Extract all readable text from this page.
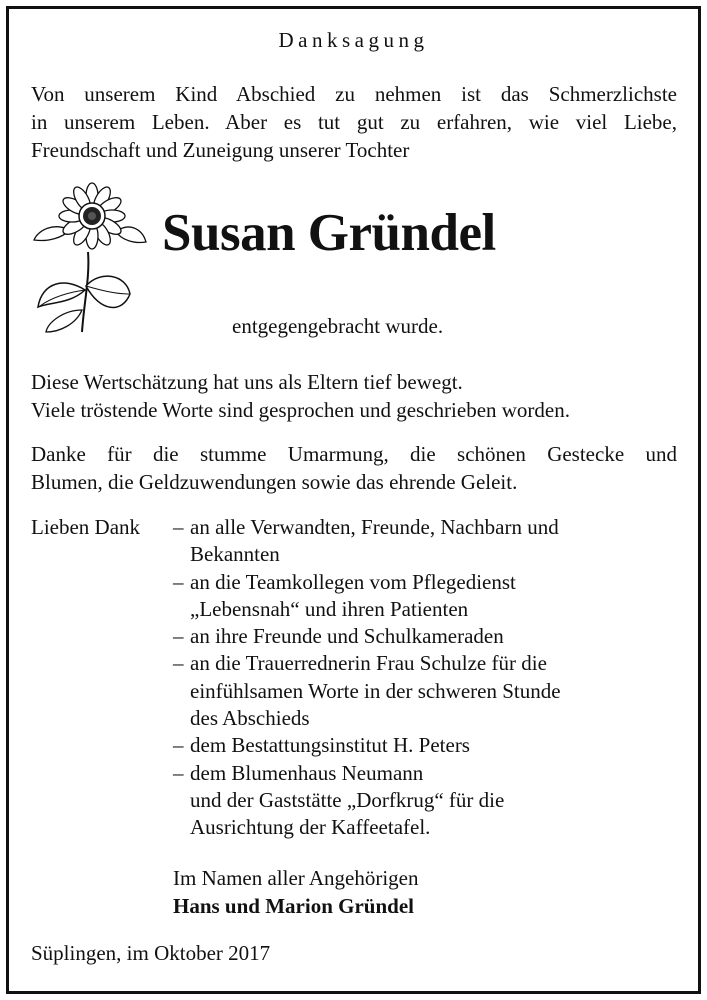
Danksagung
Von unserem Kind Abschied zu nehmen ist das Schmerzlichste
in unserem Leben. Aber es tut gut zu erfahren, wie viel Liebe,
Freundschaft und Zuneigung unserer Tochter
Susan Gründel
entgegengebracht wurde.
Diese Wertschätzung hat uns als Eltern tief bewegt.
Viele tröstende Worte sind gesprochen und geschrieben worden.
Danke für die stumme Umarmung, die schönen Gestecke und
Blumen, die Geldzuwendungen sowie das ehrende Geleit.
Lieben Dank – an alle Verwandten, Freunde, Nachbarn und
Bekannten
– an die Teamkollegen vom Pflegedienst
„Lebensnah“ und ihren Patienten
– an ihre Freunde und Schulkameraden
– an die Trauerrednerin Frau Schulze für die
einfühlsamen Worte in der schweren Stunde
des Abschieds
– dem Bestattungsinstitut H. Peters
– dem Blumenhaus Neumann
und der Gaststätte „Dorfkrug“ für die
Ausrichtung der Kaffeetafel.
Im Namen aller Angehörigen
Hans und Marion Gründel
Süplingen, im Oktober 2017
